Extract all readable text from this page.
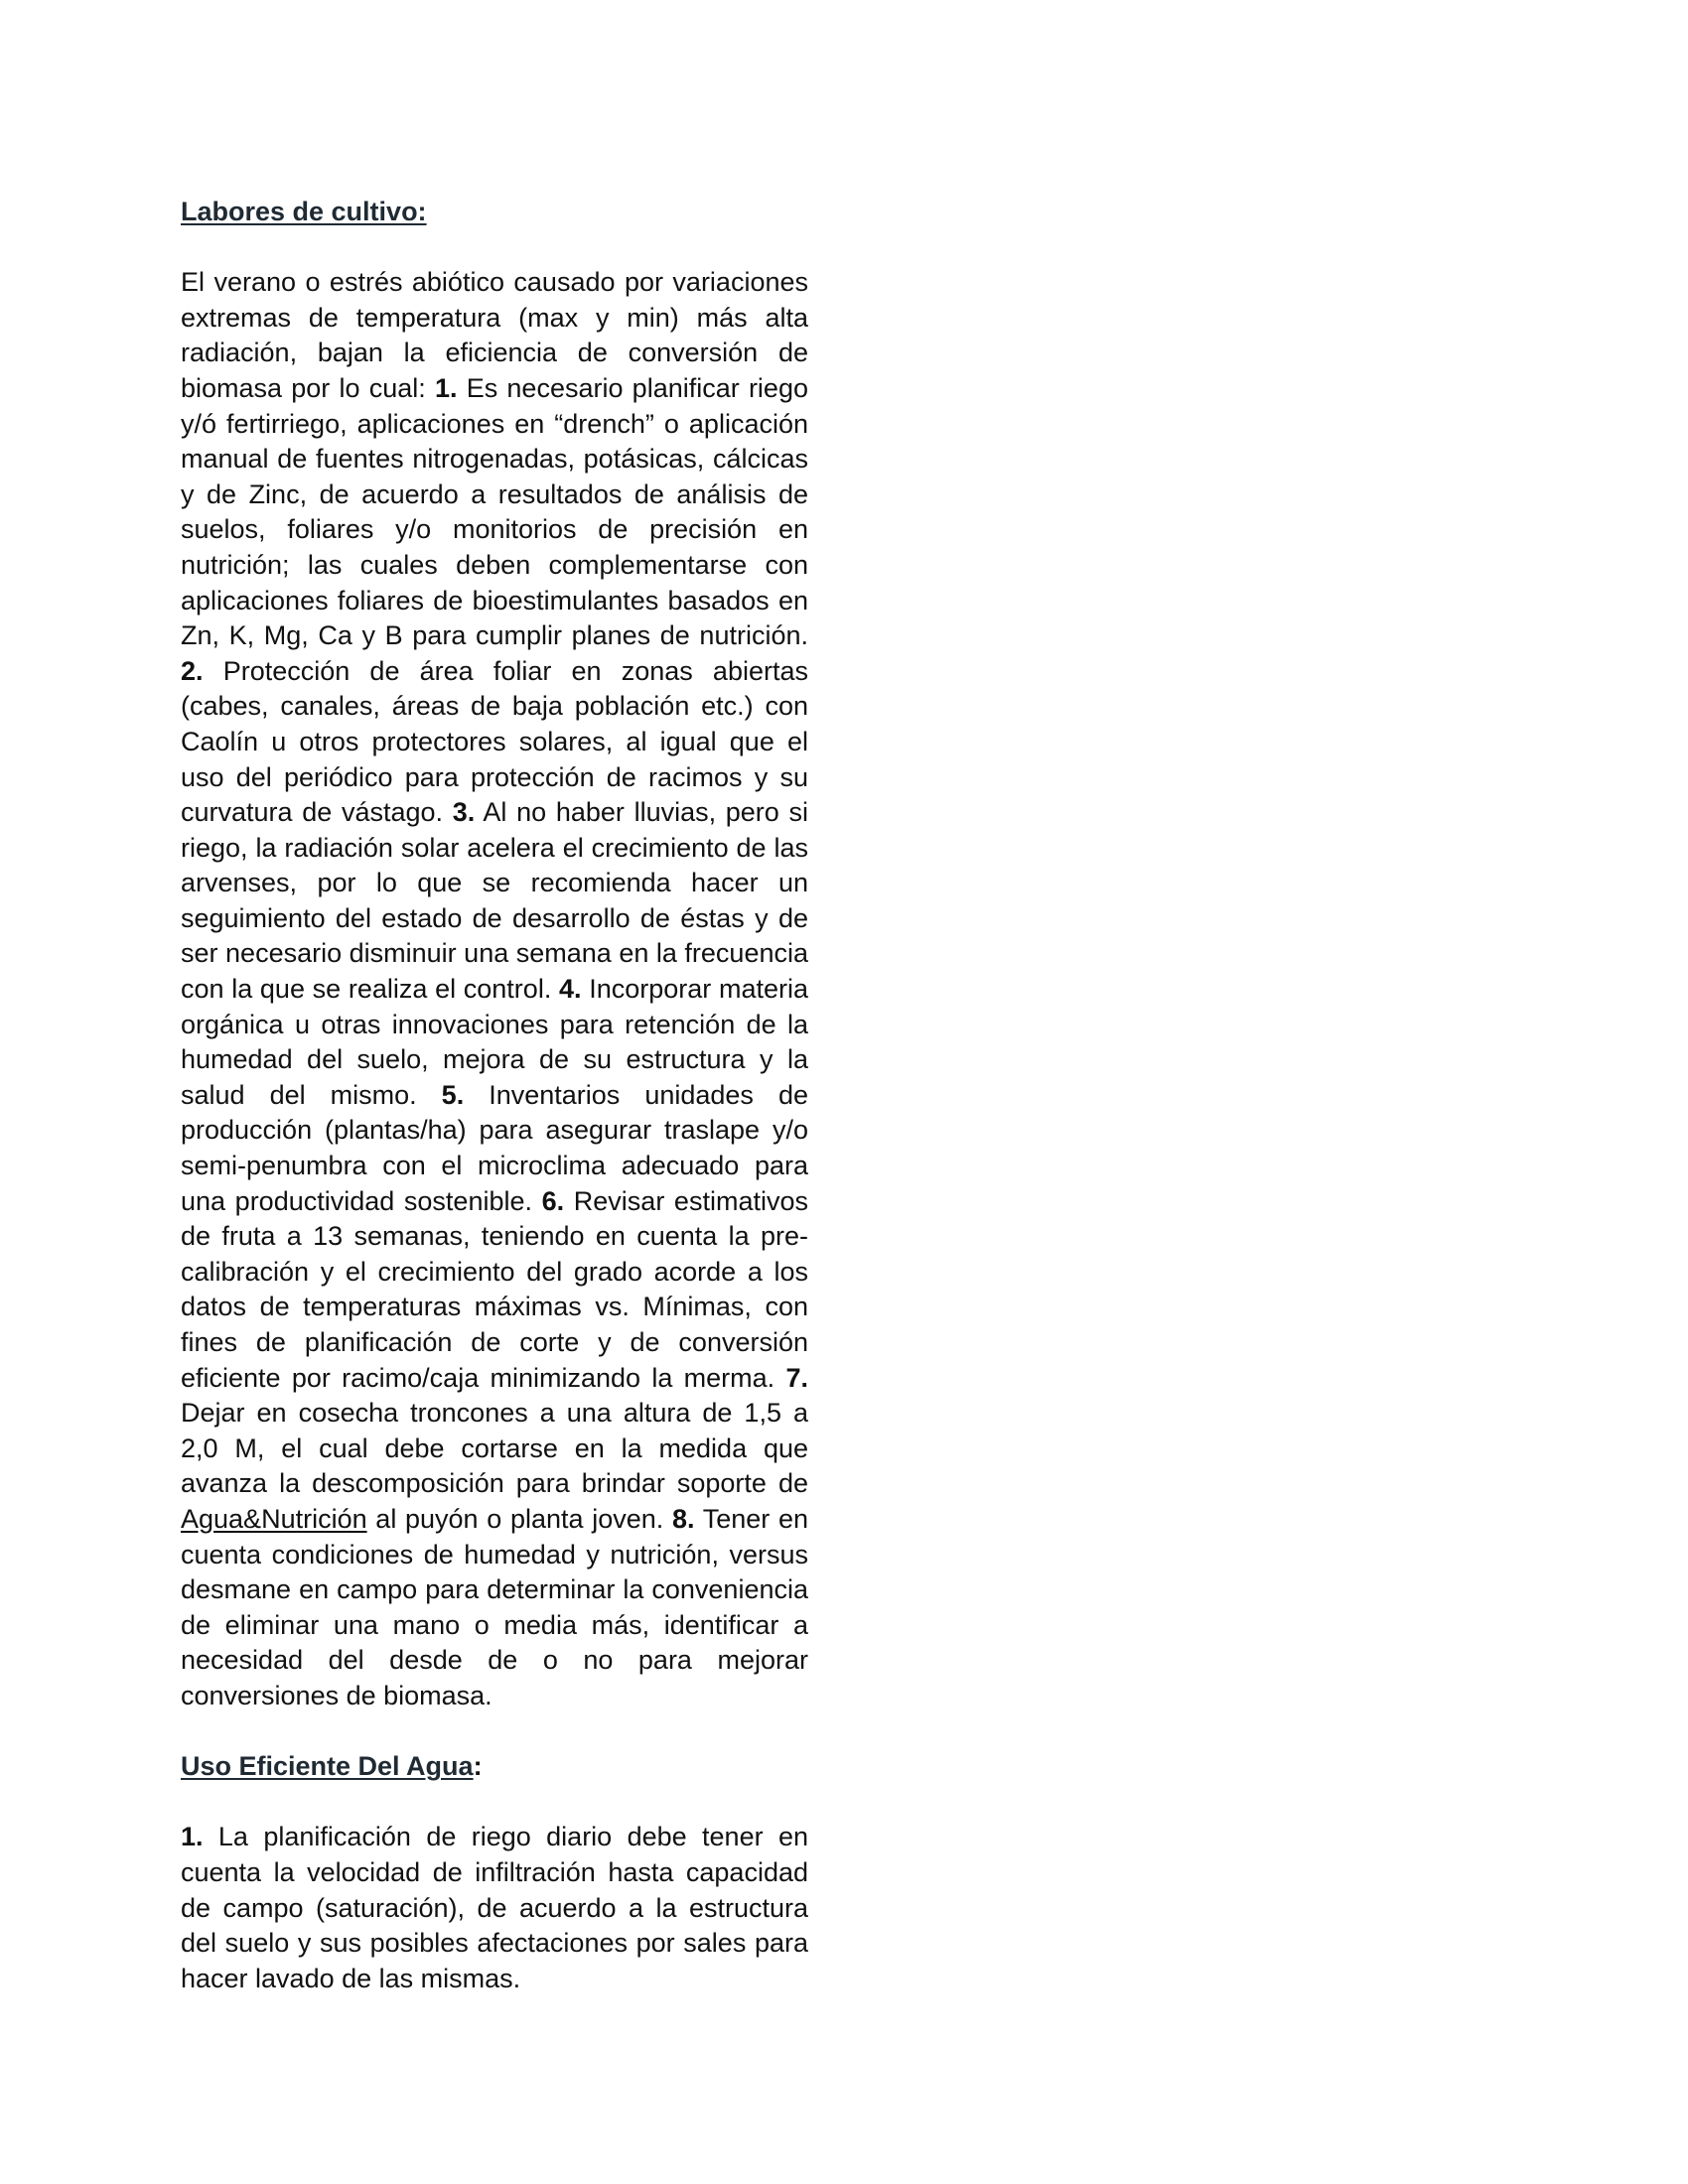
Labores de cultivo:

El verano o estrés abiótico causado por variaciones extremas de temperatura (max y min) más alta radiación, bajan la eficiencia de conversión de biomasa por lo cual: 1. Es necesario planificar riego y/ó fertirriego, aplicaciones en “drench” o aplicación manual de fuentes nitrogenadas, potásicas, cálcicas y de Zinc, de acuerdo a resultados de análisis de suelos, foliares y/o monitorios de precisión en nutrición; las cuales deben complementarse con aplicaciones foliares de bioestimulantes basados en Zn, K, Mg, Ca y B para cumplir planes de nutrición. 2. Protección de área foliar en zonas abiertas (cabes, canales, áreas de baja población etc.) con Caolín u otros protectores solares, al igual que el uso del periódico para protección de racimos y su curvatura de vástago. 3. Al no haber lluvias, pero si riego, la radiación solar acelera el crecimiento de las arvenses, por lo que se recomienda hacer un seguimiento del estado de desarrollo de éstas y de ser necesario disminuir una semana en la frecuencia con la que se realiza el control. 4. Incorporar materia orgánica u otras innovaciones para retención de la humedad del suelo, mejora de su estructura y la salud del mismo. 5. Inventarios unidades de producción (plantas/ha) para asegurar traslape y/o semi-penumbra con el microclima adecuado para una productividad sostenible. 6. Revisar estimativos de fruta a 13 semanas, teniendo en cuenta la pre-calibración y el crecimiento del grado acorde a los datos de temperaturas máximas vs. Mínimas, con fines de planificación de corte y de conversión eficiente por racimo/caja minimizando la merma. 7. Dejar en cosecha troncones a una altura de 1,5 a 2,0 M, el cual debe cortarse en la medida que avanza la descomposición para brindar soporte de Agua&Nutrición al puyón o planta joven. 8. Tener en cuenta condiciones de humedad y nutrición, versus desmane en campo para determinar la conveniencia de eliminar una mano o media más, identificar a necesidad del desde de o no para mejorar conversiones de biomasa.

Uso Eficiente Del Agua:

1. La planificación de riego diario debe tener en cuenta la velocidad de infiltración hasta capacidad de campo (saturación), de acuerdo a la estructura del suelo y sus posibles afectaciones por sales para hacer lavado de las mismas.
